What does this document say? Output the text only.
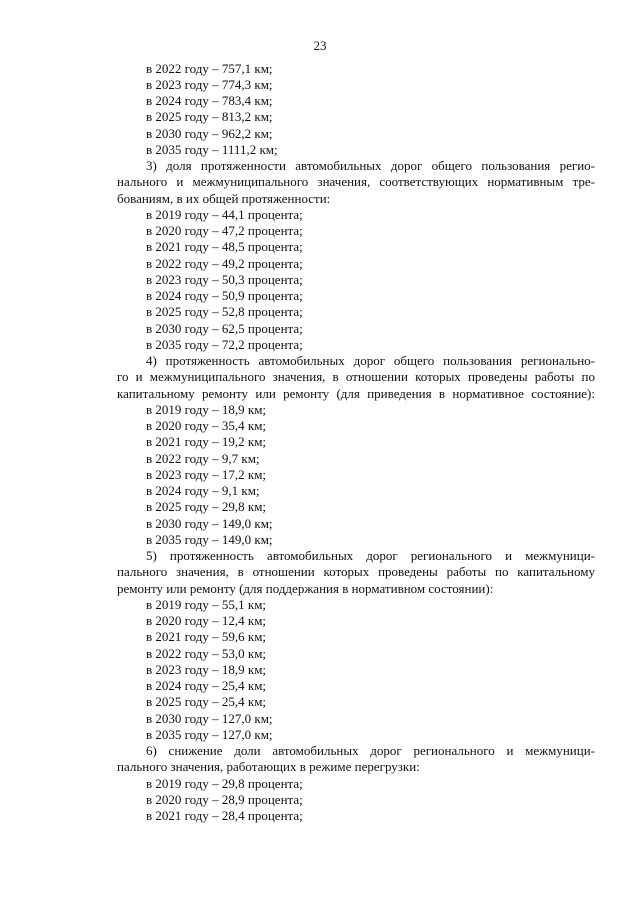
23
в 2022 году – 757,1 км;
в 2023 году – 774,3 км;
в 2024 году – 783,4 км;
в 2025 году – 813,2 км;
в 2030 году – 962,2 км;
в 2035 году – 1111,2 км;
3) доля протяженности автомобильных дорог общего пользования регио-
нального и межмуниципального значения, соответствующих нормативным тре-
бованиям, в их общей протяженности:
в 2019 году – 44,1 процента;
в 2020 году – 47,2 процента;
в 2021 году – 48,5 процента;
в 2022 году – 49,2 процента;
в 2023 году – 50,3 процента;
в 2024 году – 50,9 процента;
в 2025 году – 52,8 процента;
в 2030 году – 62,5 процента;
в 2035 году – 72,2 процента;
4) протяженность автомобильных дорог общего пользования регионально-
го и межмуниципального значения, в отношении которых проведены работы по
капитальному ремонту или ремонту (для приведения в нормативное состояние):
в 2019 году – 18,9 км;
в 2020 году – 35,4 км;
в 2021 году – 19,2 км;
в 2022 году – 9,7 км;
в 2023 году – 17,2 км;
в 2024 году – 9,1 км;
в 2025 году – 29,8 км;
в 2030 году – 149,0 км;
в 2035 году – 149,0 км;
5) протяженность автомобильных дорог регионального и межмуници-
пального значения, в отношении которых проведены работы по капитальному
ремонту или ремонту (для поддержания в нормативном состоянии):
в 2019 году – 55,1 км;
в 2020 году – 12,4 км;
в 2021 году – 59,6 км;
в 2022 году – 53,0 км;
в 2023 году – 18,9 км;
в 2024 году – 25,4 км;
в 2025 году – 25,4 км;
в 2030 году – 127,0 км;
в 2035 году – 127,0 км;
6) снижение доли автомобильных дорог регионального и межмуници-
пального значения, работающих в режиме перегрузки:
в 2019 году – 29,8 процента;
в 2020 году – 28,9 процента;
в 2021 году – 28,4 процента;
